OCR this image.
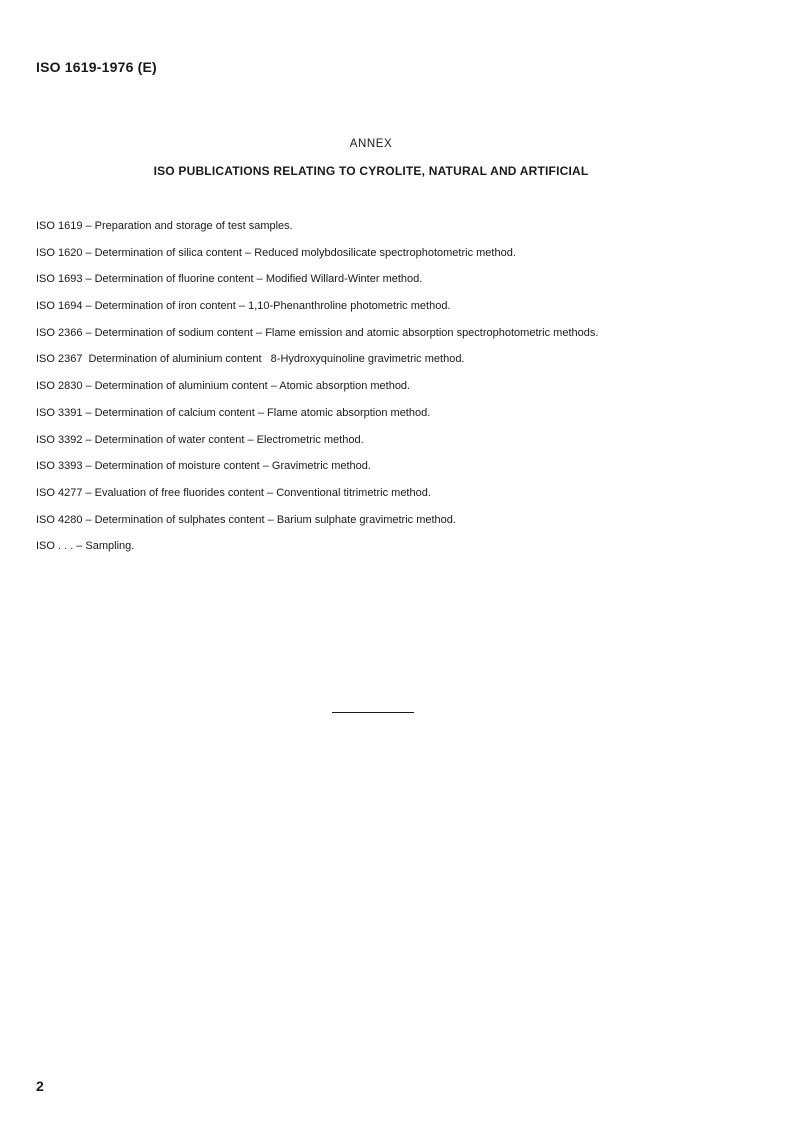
ISO 1619-1976 (E)
ANNEX
ISO PUBLICATIONS RELATING TO CYROLITE, NATURAL AND ARTIFICIAL
ISO 1619 – Preparation and storage of test samples.
ISO 1620 – Determination of silica content – Reduced molybdosilicate spectrophotometric method.
ISO 1693 – Determination of fluorine content – Modified Willard-Winter method.
ISO 1694 – Determination of iron content – 1,10-Phenanthroline photometric method.
ISO 2366 – Determination of sodium content – Flame emission and atomic absorption spectrophotometric methods.
ISO 2367 Determination of aluminium content   8-Hydroxyquinoline gravimetric method.
ISO 2830 – Determination of aluminium content – Atomic absorption method.
ISO 3391 – Determination of calcium content – Flame atomic absorption method.
ISO 3392 – Determination of water content – Electrometric method.
ISO 3393 – Determination of moisture content – Gravimetric method.
ISO 4277 – Evaluation of free fluorides content – Conventional titrimetric method.
ISO 4280 – Determination of sulphates content – Barium sulphate gravimetric method.
ISO . . . – Sampling.
2
